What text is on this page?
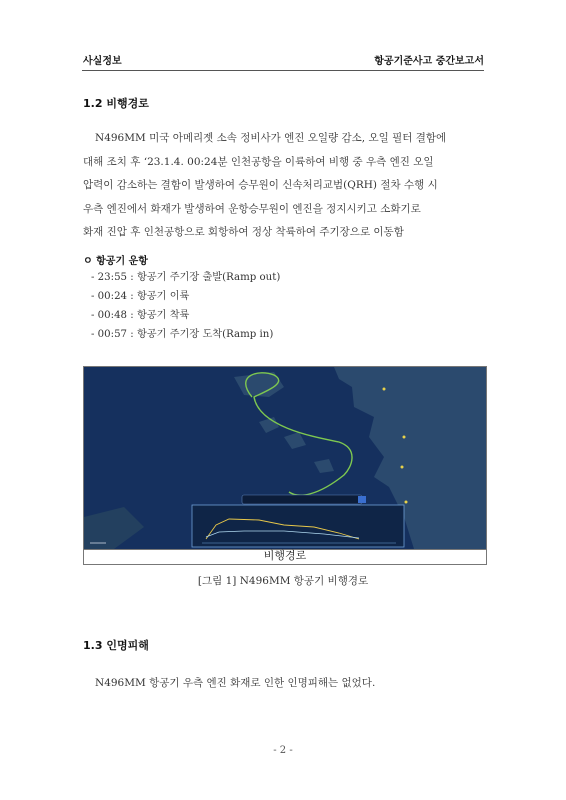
사실정보	항공기준사고 중간보고서
1.2 비행경로
N496MM 미국 아메리젯 소속 정비사가 엔진 오일량 감소, 오일 필터 결함에
대해 조치 후 ‘23.1.4. 00:24분 인천공항을 이륙하여 비행 중 우측 엔진 오일
압력이 감소하는 결함이 발생하여 승무원이 신속처리교범(QRH) 절차 수행 시
우측 엔진에서 화재가 발생하여 운항승무원이 엔진을 정지시키고 소화기로
화재 진압 후 인천공항으로 회항하여 정상 착륙하여 주기장으로 이동함
ㅇ 항공기 운항
- 23:55 : 항공기 주기장 출발(Ramp out)
- 00:24 : 항공기 이륙
- 00:48 : 항공기 착륙
- 00:57 : 항공기 주기장 도착(Ramp in)
비행경로
[그림 1] N496MM 항공기 비행경로
1.3 인명피해
N496MM 항공기 우측 엔진 화재로 인한 인명피해는 없었다.
- 2 -
